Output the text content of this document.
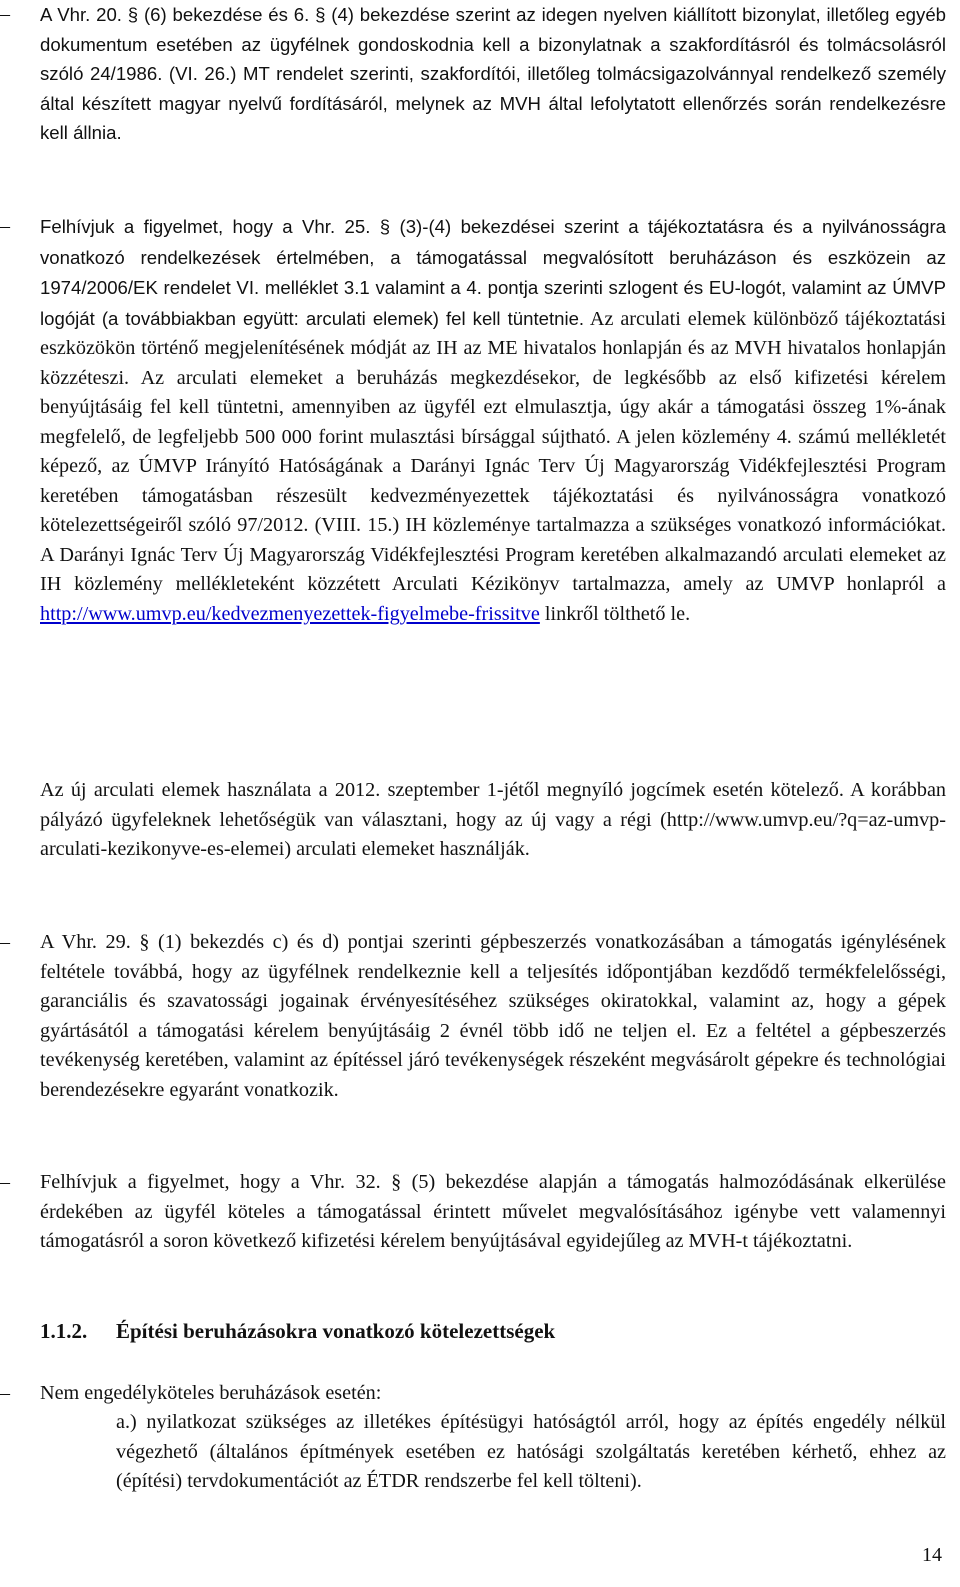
–	A Vhr. 20. § (6) bekezdése és 6. § (4) bekezdése szerint az idegen nyelven kiállított bizonylat, illetőleg egyéb dokumentum esetében az ügyfélnek gondoskodnia kell a bizonylatnak a szakfordításról és tolmácsolásról szóló 24/1986. (VI. 26.) MT rendelet szerinti, szakfordítói, illetőleg tolmácsigazolvánnyal rendelkező személy által készített magyar nyelvű fordításáról, melynek az MVH által lefolytatott ellenőrzés során rendelkezésre kell állnia.
–	Felhívjuk a figyelmet, hogy a Vhr. 25. § (3)-(4) bekezdései szerint a tájékoztatásra és a nyilvánosságra vonatkozó rendelkezések értelmében, a támogatással megvalósított beruházáson és eszközein az 1974/2006/EK rendelet VI. melléklet 3.1 valamint a 4. pontja szerinti szlogent és EU-logót, valamint az ÚMVP logóját (a továbbiakban együtt: arculati elemek) fel kell tüntetnie. Az arculati elemek különböző tájékoztatási eszközökön történő megjelenítésének módját az IH az ME hivatalos honlapján és az MVH hivatalos honlapján közzéteszi. Az arculati elemeket a beruházás megkezdésekor, de legkésőbb az első kifizetési kérelem benyújtásáig fel kell tüntetni, amennyiben az ügyfél ezt elmulasztja, úgy akár a támogatási összeg 1%-ának megfelelő, de legfeljebb 500 000 forint mulasztási bírsággal sújtható. A jelen közlemény 4. számú mellékletét képező, az ÚMVP Irányító Hatóságának a Darányi Ignác Terv Új Magyarország Vidékfejlesztési Program keretében támogatásban részesült kedvezményezettek tájékoztatási és nyilvánosságra vonatkozó kötelezettségeiről szóló 97/2012. (VIII. 15.) IH közleménye tartalmazza a szükséges vonatkozó információkat. A Darányi Ignác Terv Új Magyarország Vidékfejlesztési Program keretében alkalmazandó arculati elemeket az IH közlemény mellékleteként közzétett Arculati Kézikönyv tartalmazza, amely az UMVP honlapról a http://www.umvp.eu/kedvezmenyezettek-figyelmebe-frissitve linkről tölthető le.
Az új arculati elemek használata a 2012. szeptember 1-jétől megnyíló jogcímek esetén kötelező. A korábban pályázó ügyfeleknek lehetőségük van választani, hogy az új vagy a régi (http://www.umvp.eu/?q=az-umvp-arculati-kezikonyve-es-elemei) arculati elemeket használják.
–	A Vhr. 29. § (1) bekezdés c) és d) pontjai szerinti gépbeszerzés vonatkozásában a támogatás igénylésének feltétele továbbá, hogy az ügyfélnek rendelkeznie kell a teljesítés időpontjában kezdődő termékfelelősségi, garanciális és szavatossági jogainak érvényesítéséhez szükséges okiratokkal, valamint az, hogy a gépek gyártásától a támogatási kérelem benyújtásáig 2 évnél több idő ne teljen el. Ez a feltétel a gépbeszerzés tevékenység keretében, valamint az építéssel járó tevékenységek részeként megvásárolt gépekre és technológiai berendezésekre egyaránt vonatkozik.
–	Felhívjuk a figyelmet, hogy a Vhr. 32. § (5) bekezdése alapján a támogatás halmozódásának elkerülése érdekében az ügyfél köteles a támogatással érintett művelet megvalósításához igénybe vett valamennyi támogatásról a soron következő kifizetési kérelem benyújtásával egyidejűleg az MVH-t tájékoztatni.
1.1.2. Építési beruházásokra vonatkozó kötelezettségek
–	Nem engedélyköteles beruházások esetén:
a.) nyilatkozat szükséges az illetékes építésügyi hatóságtól arról, hogy az építés engedély nélkül végezhető (általános építmények esetében ez hatósági szolgáltatás keretében kérhető, ehhez az (építési) tervdokumentációt az ÉTDR rendszerbe fel kell tölteni).
14
